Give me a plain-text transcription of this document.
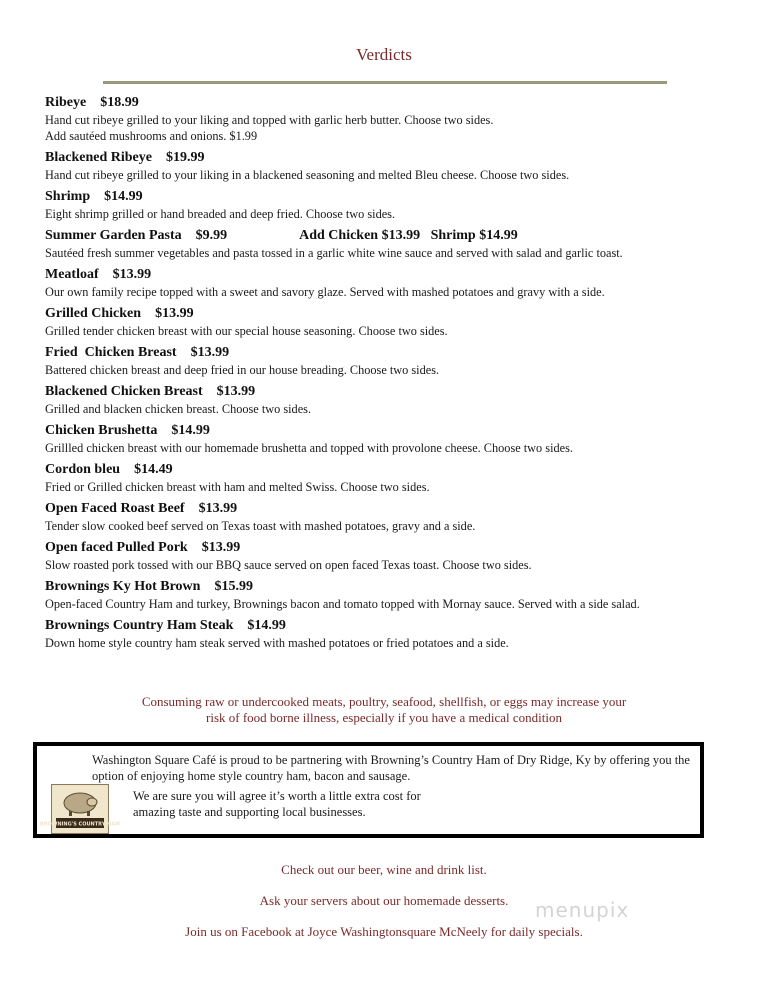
Verdicts
Ribeye $18.99
Hand cut ribeye grilled to your liking and topped with garlic herb butter. Choose two sides.
Add sautéed mushrooms and onions. $1.99
Blackened Ribeye $19.99
Hand cut ribeye grilled to your liking in a blackened seasoning and melted Bleu cheese. Choose two sides.
Shrimp $14.99
Eight shrimp grilled or hand breaded and deep fried. Choose two sides.
Summer Garden Pasta $9.99	Add Chicken $13.99   Shrimp $14.99
Sautéed fresh summer vegetables and pasta tossed in a garlic white wine sauce and served with salad and garlic toast.
Meatloaf $13.99
Our own family recipe topped with a sweet and savory glaze. Served with mashed potatoes and gravy with a side.
Grilled Chicken $13.99
Grilled tender chicken breast with our special house seasoning. Choose two sides.
Fried  Chicken Breast $13.99
Battered chicken breast and deep fried in our house breading. Choose two sides.
Blackened Chicken Breast $13.99
Grilled and blacken chicken breast. Choose two sides.
Chicken Brushetta $14.99
Grillled chicken breast with our homemade brushetta and topped with provolone cheese. Choose two sides.
Cordon bleu $14.49
Fried or Grilled chicken breast with ham and melted Swiss. Choose two sides.
Open Faced Roast Beef $13.99
Tender slow cooked beef served on Texas toast with mashed potatoes, gravy and a side.
Open faced Pulled Pork $13.99
Slow roasted pork tossed with our BBQ sauce served on open faced Texas toast. Choose two sides.
Brownings Ky Hot Brown $15.99
Open-faced Country Ham and turkey, Brownings bacon and tomato topped with Mornay sauce. Served with a side salad.
Brownings Country Ham Steak $14.99
Down home style country ham steak served with mashed potatoes or fried potatoes and a side.
Consuming raw or undercooked meats, poultry, seafood, shellfish, or eggs may increase your
risk of food borne illness, especially if you have a medical condition
Washington Square Café is proud to be partnering with Browning’s Country Ham of Dry Ridge, Ky by offering you the option of enjoying home style country ham, bacon and sausage.
BROWNING'S COUNTRY HAM
We are sure you will agree it’s worth a little extra cost for
amazing taste and supporting local businesses.
Check out our beer, wine and drink list.
Ask your servers about our homemade desserts.
Join us on Facebook at Joyce Washingtonsquare McNeely for daily specials.
menupix
